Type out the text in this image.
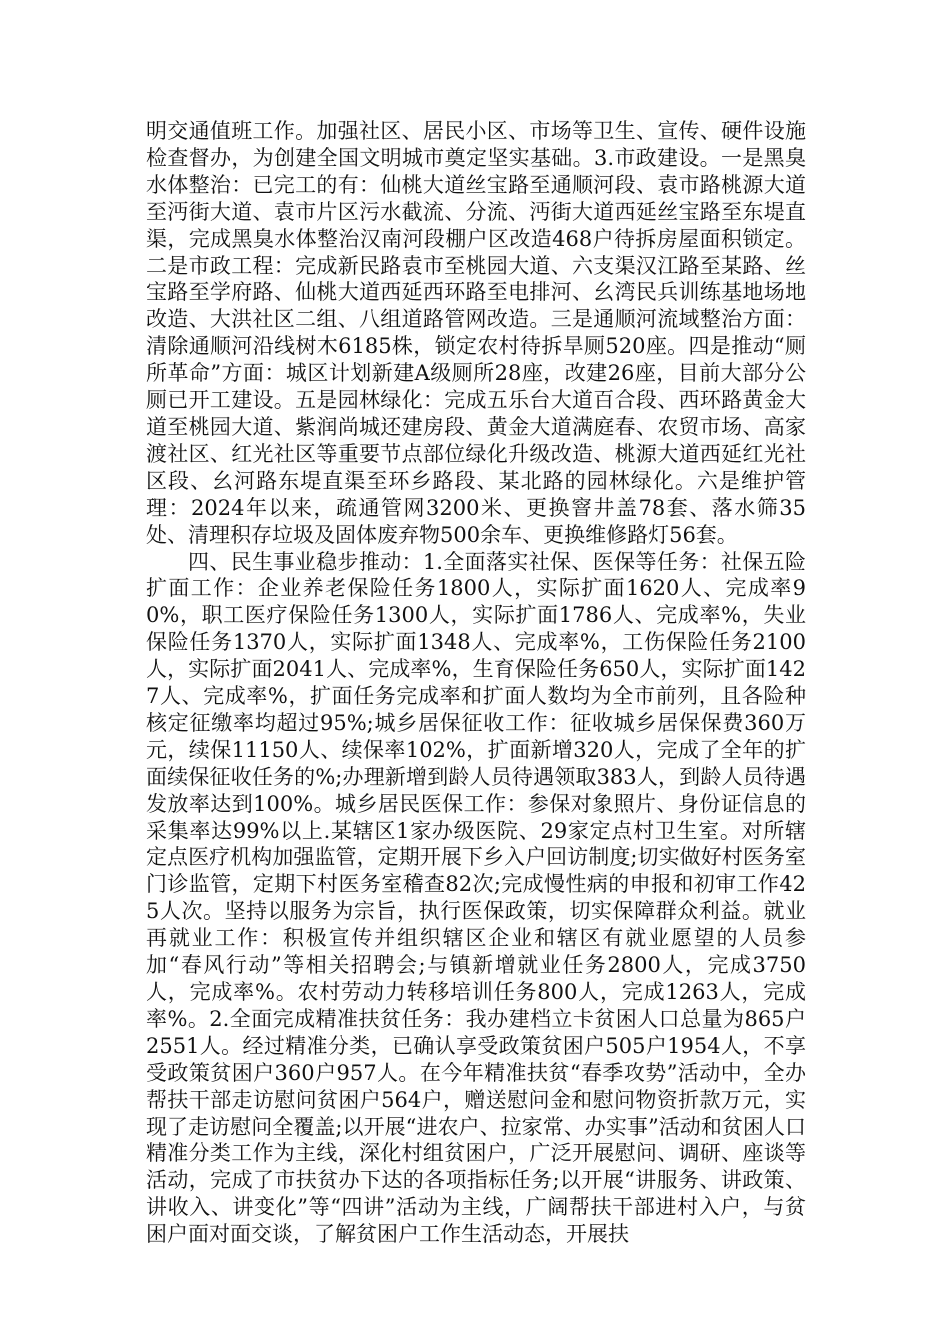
明交通值班工作。加强社区、居民小区、市场等卫生、宣传、硬件设施检查督办，为创建全国文明城市奠定坚实基础。3.市政建设。一是黑臭水体整治：已完工的有：仙桃大道丝宝路至通顺河段、袁市路桃源大道至沔街大道、袁市片区污水截流、分流、沔街大道西延丝宝路至东堤直渠，完成黑臭水体整治汉南河段棚户区改造468户待拆房屋面积锁定。二是市政工程：完成新民路袁市至桃园大道、六支渠汉江路至某路、丝宝路至学府路、仙桃大道西延西环路至电排河、幺湾民兵训练基地场地改造、大洪社区二组、八组道路管网改造。三是通顺河流域整治方面：清除通顺河沿线树木6185株，锁定农村待拆旱厕520座。四是推动“厕所革命”方面：城区计划新建A级厕所28座，改建26座，目前大部分公厕已开工建设。五是园林绿化：完成五乐台大道百合段、西环路黄金大道至桃园大道、紫润尚城还建房段、黄金大道满庭春、农贸市场、高家渡社区、红光社区等重要节点部位绿化升级改造、桃源大道西延红光社区段、幺河路东堤直渠至环乡路段、某北路的园林绿化。六是维护管理：2024年以来，疏通管网3200米、更换窨井盖78套、落水筛35处、清理积存垃圾及固体废弃物500余车、更换维修路灯56套。

四、民生事业稳步推动：1.全面落实社保、医保等任务：社保五险扩面工作：企业养老保险任务1800人，实际扩面1620人、完成率90%，职工医疗保险任务1300人，实际扩面1786人、完成率%，失业保险任务1370人，实际扩面1348人、完成率%，工伤保险任务2100人，实际扩面2041人、完成率%，生育保险任务650人，实际扩面1427人、完成率%，扩面任务完成率和扩面人数均为全市前列，且各险种核定征缴率均超过95%;城乡居保征收工作：征收城乡居保保费360万元，续保11150人、续保率102%，扩面新增320人，完成了全年的扩面续保征收任务的%;办理新增到龄人员待遇领取383人，到龄人员待遇发放率达到100%。城乡居民医保工作：参保对象照片、身份证信息的采集率达99%以上.某辖区1家办级医院、29家定点村卫生室。对所辖定点医疗机构加强监管，定期开展下乡入户回访制度;切实做好村医务室门诊监管，定期下村医务室稽查82次;完成慢性病的申报和初审工作425人次。坚持以服务为宗旨，执行医保政策，切实保障群众利益。就业再就业工作：积极宣传并组织辖区企业和辖区有就业愿望的人员参加“春风行动”等相关招聘会;与镇新增就业任务2800人，完成3750人，完成率%。农村劳动力转移培训任务800人，完成1263人，完成率%。2.全面完成精准扶贫任务：我办建档立卡贫困人口总量为865户2551人。经过精准分类，已确认享受政策贫困户505户1954人，不享受政策贫困户360户957人。在今年精准扶贫“春季攻势”活动中，全办帮扶干部走访慰问贫困户564户，赠送慰问金和慰问物资折款万元，实现了走访慰问全覆盖;以开展“进农户、拉家常、办实事”活动和贫困人口精准分类工作为主线，深化村组贫困户，广泛开展慰问、调研、座谈等活动，完成了市扶贫办下达的各项指标任务;以开展“讲服务、讲政策、讲收入、讲变化”等“四讲”活动为主线，广阔帮扶干部进村入户，与贫困户面对面交谈，了解贫困户工作生活动态，开展扶
